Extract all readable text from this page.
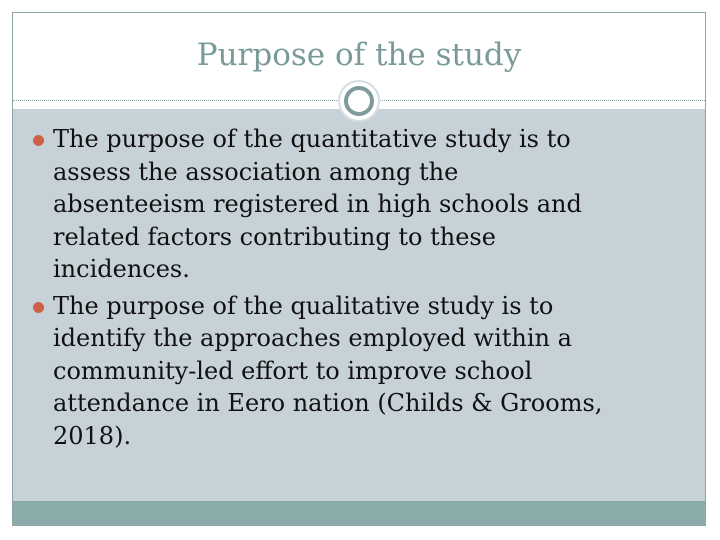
Purpose of the study
The purpose of the quantitative study is to
assess the association among the
absenteeism registered in high schools and
related factors contributing to these
incidences.
The purpose of the qualitative study is to
identify the approaches employed within a
community-led effort to improve school
attendance in Eero nation (Childs & Grooms,
2018).
